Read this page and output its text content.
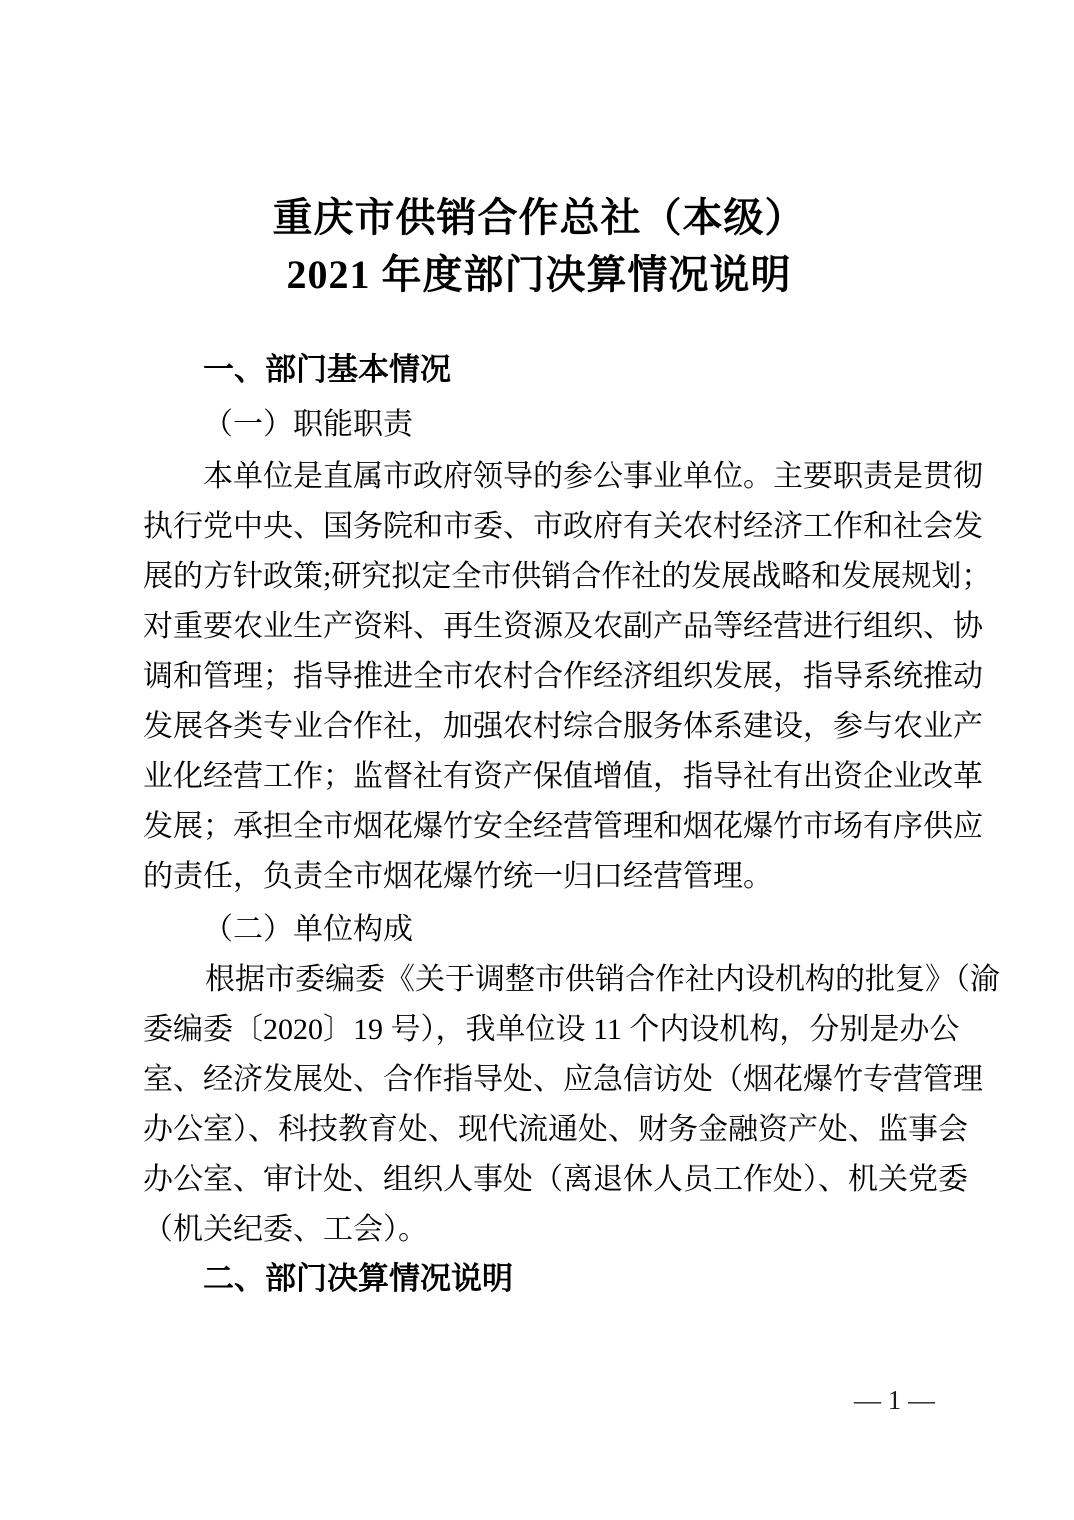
重庆市供销合作总社（本级）
2021 年度部门决算情况说明
一、部门基本情况
（一）职能职责
本单位是直属市政府领导的参公事业单位。主要职责是贯彻
执行党中央、国务院和市委、市政府有关农村经济工作和社会发
展的方针政策;研究拟定全市供销合作社的发展战略和发展规划；
对重要农业生产资料、再生资源及农副产品等经营进行组织、协
调和管理；指导推进全市农村合作经济组织发展，指导系统推动
发展各类专业合作社，加强农村综合服务体系建设，参与农业产
业化经营工作；监督社有资产保值增值，指导社有出资企业改革
发展；承担全市烟花爆竹安全经营管理和烟花爆竹市场有序供应
的责任，负责全市烟花爆竹统一归口经营管理。
（二）单位构成
根据市委编委《关于调整市供销合作社内设机构的批复》（渝
委编委〔2020〕19 号），我单位设 11 个内设机构，分别是办公
室、经济发展处、合作指导处、应急信访处（烟花爆竹专营管理
办公室）、科技教育处、现代流通处、财务金融资产处、监事会
办公室、审计处、组织人事处（离退休人员工作处）、机关党委
（机关纪委、工会）。
二、部门决算情况说明
— 1 —
